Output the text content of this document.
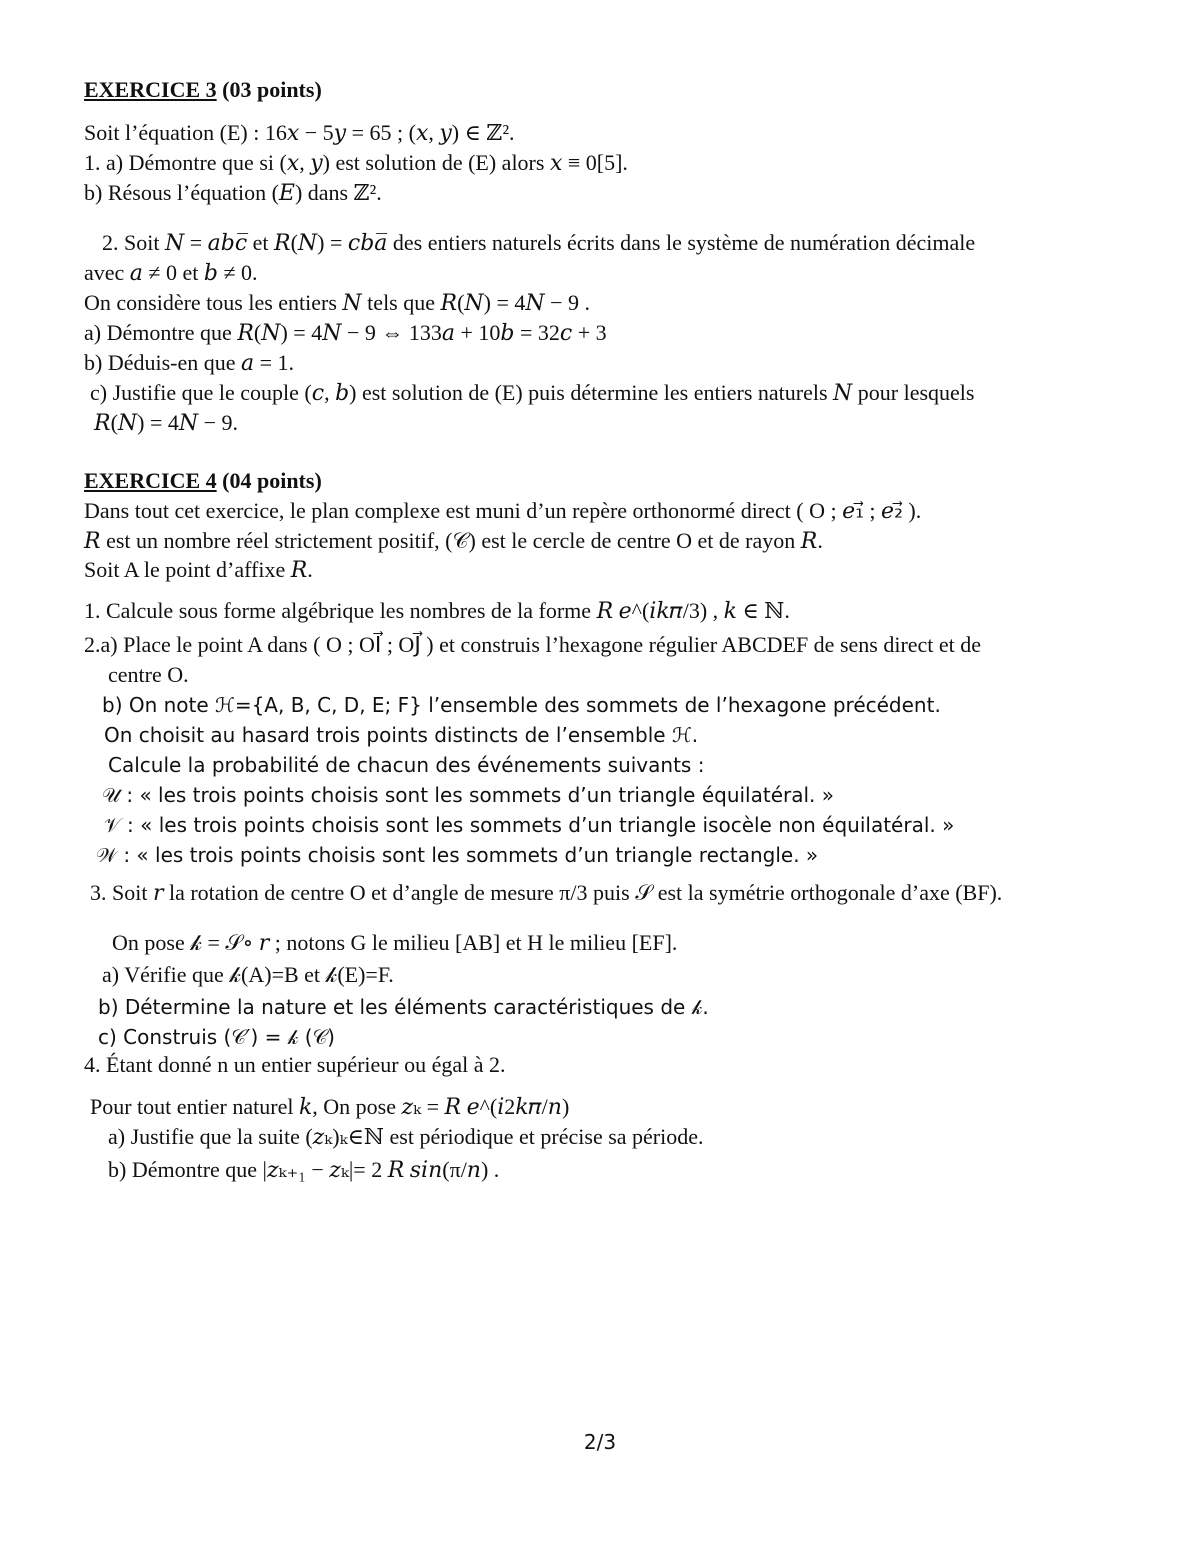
EXERCICE 3 (03 points)
Soit l’équation (E) : 16𝑥 − 5𝑦 = 65 ; (𝑥, 𝑦) ∈ ℤ².
1. a) Démontre que si (𝑥, 𝑦) est solution de (E) alors 𝑥 ≡ 0[5].
b) Résous l’équation (𝐸) dans ℤ².
2. Soit 𝑁 = 𝑎𝑏𝑐̅ et 𝑅(𝑁) = 𝑐𝑏𝑎̅ des entiers naturels écrits dans le système de numération décimale
avec 𝑎 ≠ 0 et 𝑏 ≠ 0.
On considère tous les entiers 𝑁 tels que 𝑅(𝑁) = 4𝑁 − 9 .
a) Démontre que 𝑅(𝑁) = 4𝑁 − 9 ⇔ 133𝑎 + 10𝑏 = 32𝑐 + 3
b) Déduis-en que 𝑎 = 1.
c) Justifie que le couple (𝑐, 𝑏) est solution de (E) puis détermine les entiers naturels 𝑁 pour lesquels
𝑅(𝑁) = 4𝑁 − 9.
EXERCICE 4 (04 points)
Dans tout cet exercice, le plan complexe est muni d’un repère orthonormé direct ( O ; 𝑒₁⃗ ; 𝑒₂⃗ ).
𝑅 est un nombre réel strictement positif, (𝒞) est le cercle de centre O et de rayon 𝑅.
Soit A le point d’affixe 𝑅.
1. Calcule sous forme algébrique les nombres de la forme 𝑅 𝑒^(𝑖𝑘𝜋/3) , 𝑘 ∈ ℕ.
2.a) Place le point A dans ( O ; OI⃗ ; OJ⃗ ) et construis l’hexagone régulier ABCDEF de sens direct et de
centre O.
b) On note ℋ={A, B, C, D, E; F} l’ensemble des sommets de l’hexagone précédent.
On choisit au hasard trois points distincts de l’ensemble ℋ.
Calcule la probabilité de chacun des événements suivants :
𝒰 : « les trois points choisis sont les sommets d’un triangle équilatéral. »
𝒱 : « les trois points choisis sont les sommets d’un triangle isocèle non équilatéral. »
𝒲 : « les trois points choisis sont les sommets d’un triangle rectangle. »
3. Soit 𝑟 la rotation de centre O et d’angle de mesure π/3 puis 𝒮 est la symétrie orthogonale d’axe (BF).
On pose 𝓀 = 𝒮∘ 𝑟 ; notons G le milieu [AB] et H le milieu [EF].
a) Vérifie que 𝓀(A)=B et 𝓀(E)=F.
b) Détermine la nature et les éléments caractéristiques de 𝓀.
c) Construis (𝒞′) = 𝓀 (𝒞)
4. Étant donné n un entier supérieur ou égal à 2.
Pour tout entier naturel 𝑘, On pose 𝑧ₖ = 𝑅 𝑒^(𝑖2𝑘𝜋/𝑛)
a) Justifie que la suite (𝑧ₖ)ₖ∈ℕ est périodique et précise sa période.
b) Démontre que |𝑧ₖ₊₁ − 𝑧ₖ|= 2 𝑅 𝑠𝑖𝑛(π/𝑛) .
2/3
